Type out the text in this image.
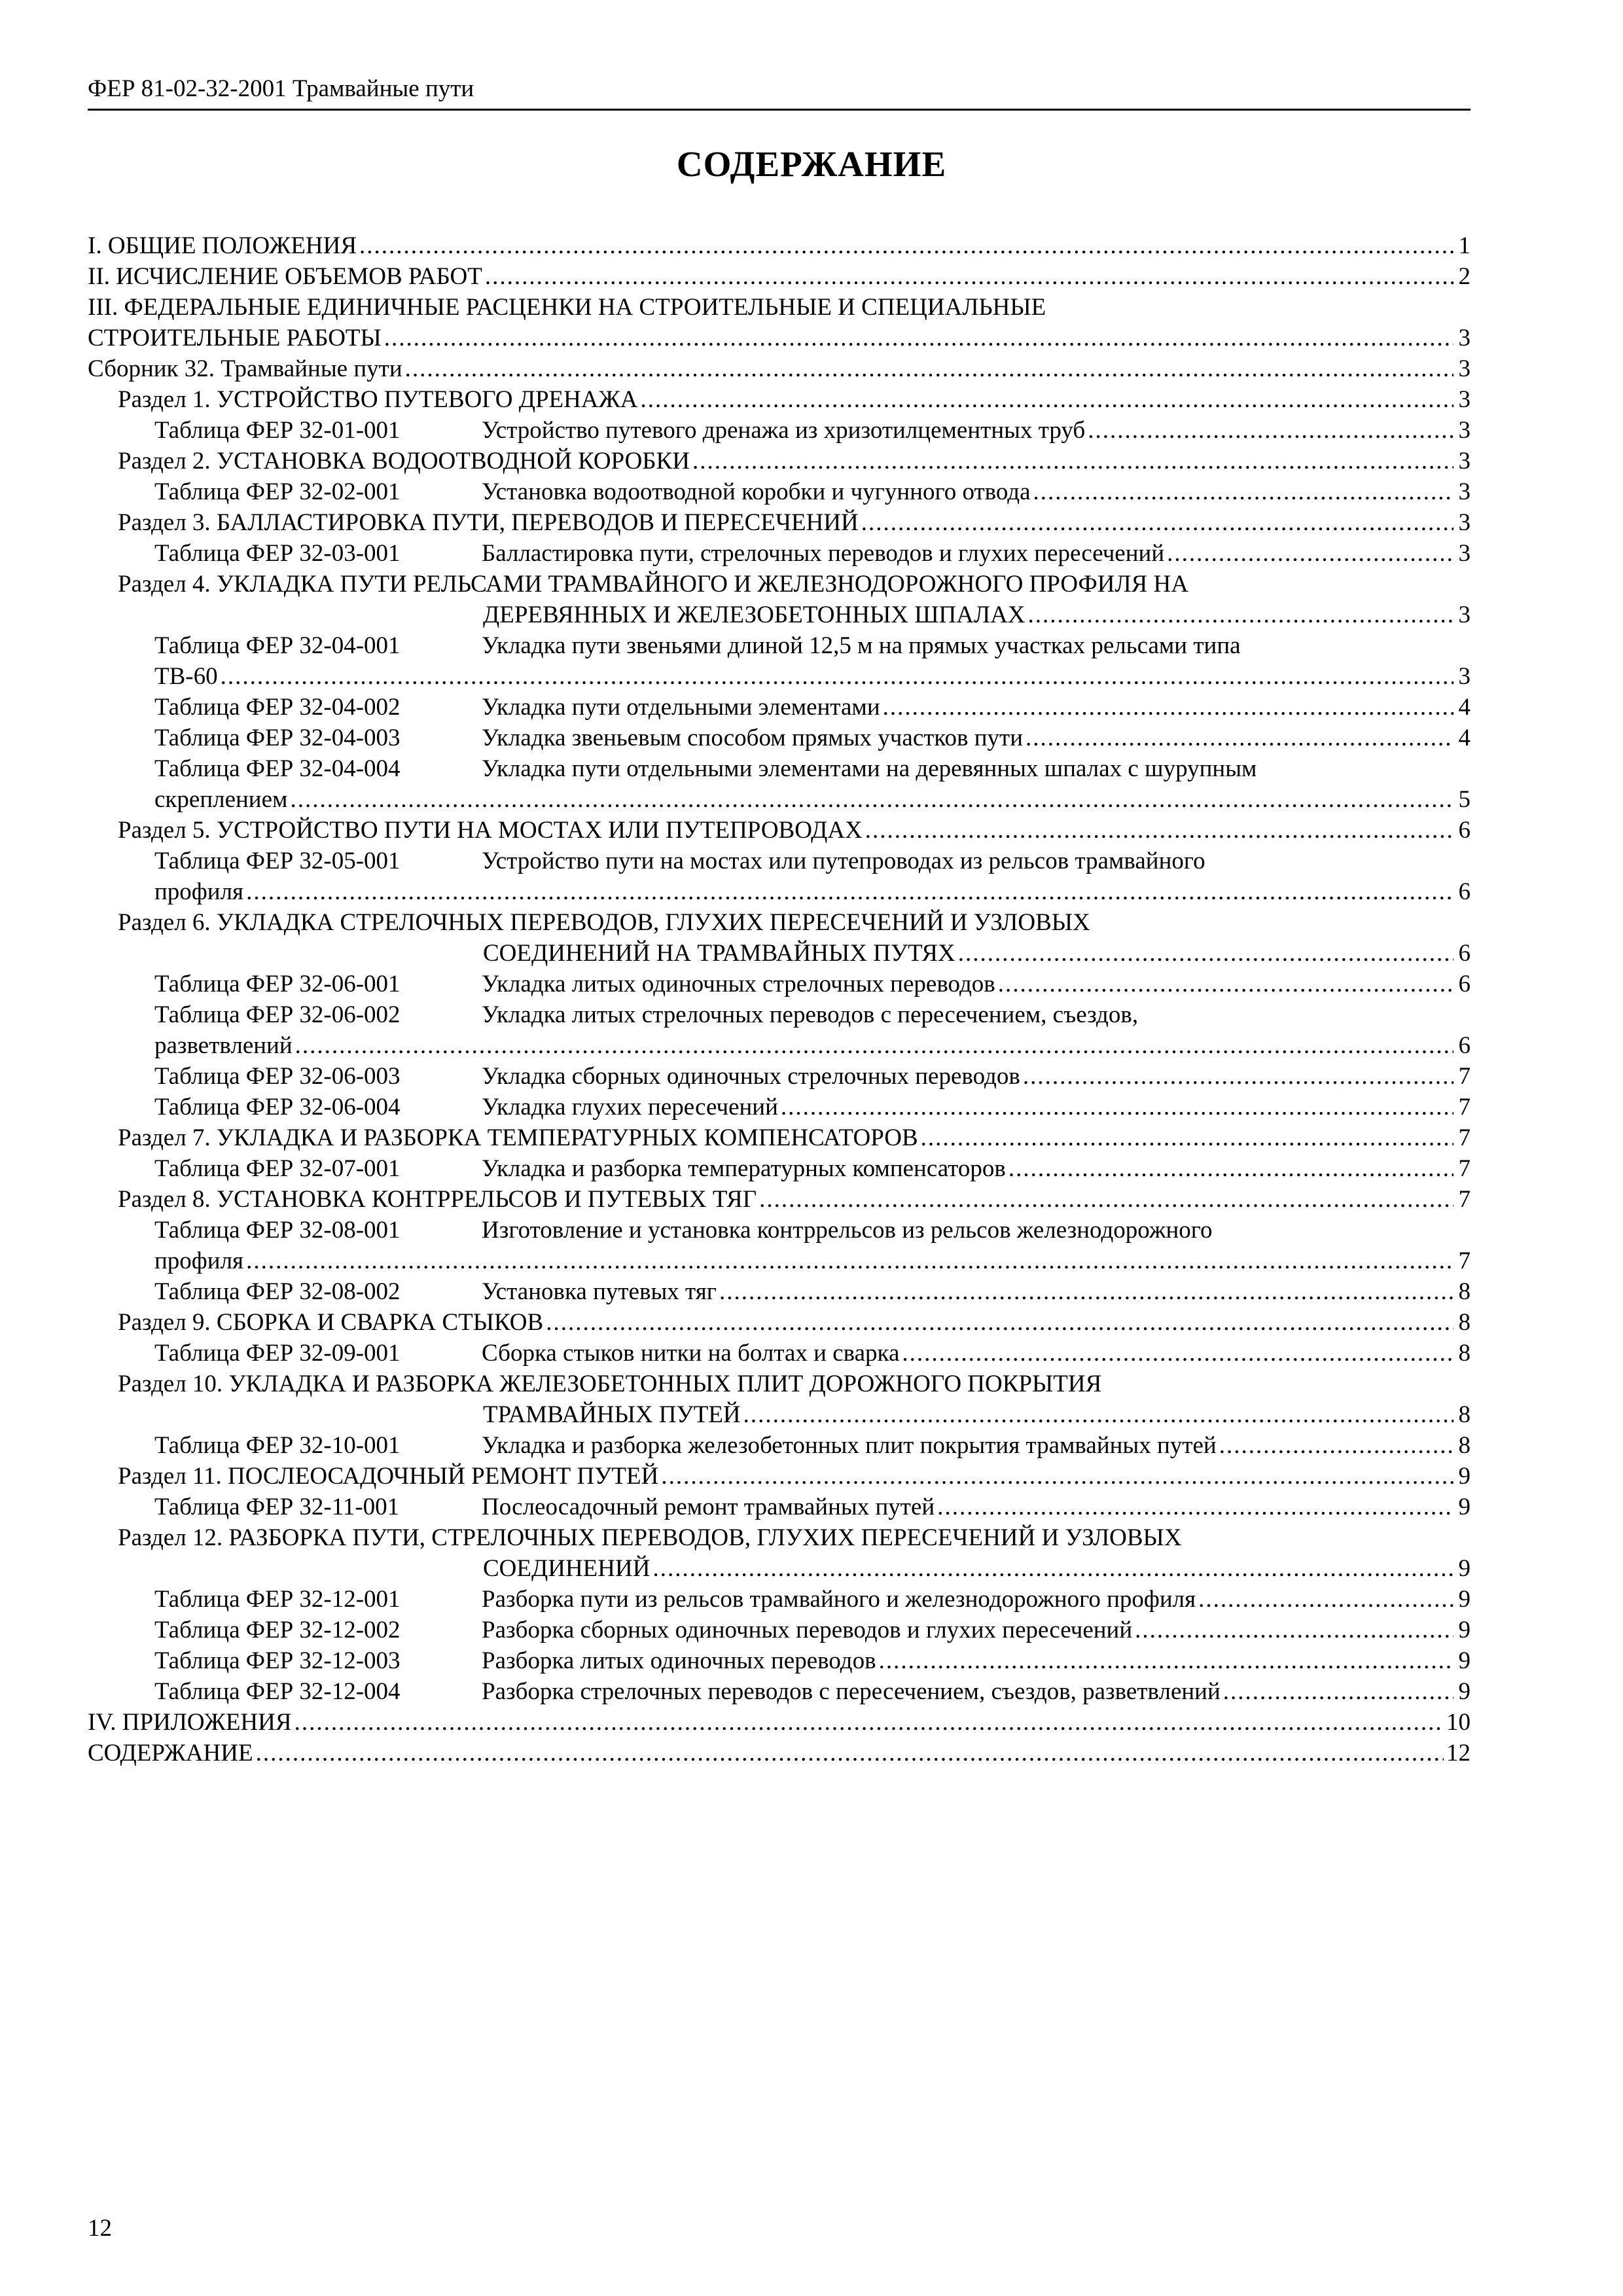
ФЕР 81-02-32-2001 Трамвайные пути
СОДЕРЖАНИЕ
I. ОБЩИЕ ПОЛОЖЕНИЯ .....	1
II. ИСЧИСЛЕНИЕ ОБЪЕМОВ РАБОТ .....	2
III. ФЕДЕРАЛЬНЫЕ ЕДИНИЧНЫЕ РАСЦЕНКИ НА СТРОИТЕЛЬНЫЕ И СПЕЦИАЛЬНЫЕ
СТРОИТЕЛЬНЫЕ РАБОТЫ .....	3
Сборник 32. Трамвайные пути .....	3
Раздел 1. УСТРОЙСТВО ПУТЕВОГО ДРЕНАЖА .....	3
Таблица ФЕР 32-01-001	Устройство путевого дренажа из хризотилцементных труб .....	3
Раздел 2. УСТАНОВКА ВОДООТВОДНОЙ КОРОБКИ .....	3
Таблица ФЕР 32-02-001	Установка водоотводной коробки и чугунного отвода .....	3
Раздел 3. БАЛЛАСТИРОВКА ПУТИ, ПЕРЕВОДОВ И ПЕРЕСЕЧЕНИЙ .....	3
Таблица ФЕР 32-03-001	Балластировка пути, стрелочных переводов и глухих пересечений .....	3
Раздел 4. УКЛАДКА ПУТИ РЕЛЬСАМИ ТРАМВАЙНОГО И ЖЕЛЕЗНОДОРОЖНОГО ПРОФИЛЯ НА
ДЕРЕВЯННЫХ И ЖЕЛЕЗОБЕТОННЫХ ШПАЛАХ .....	3
Таблица ФЕР 32-04-001	Укладка пути звеньями длиной 12,5 м на прямых участках рельсами типа
ТВ-60 .....	3
Таблица ФЕР 32-04-002	Укладка пути отдельными элементами .....	4
Таблица ФЕР 32-04-003	Укладка звеньевым способом прямых участков пути .....	4
Таблица ФЕР 32-04-004	Укладка пути отдельными элементами на деревянных шпалах с шурупным
скреплением .....	5
Раздел 5. УСТРОЙСТВО ПУТИ НА МОСТАХ ИЛИ ПУТЕПРОВОДАХ .....	6
Таблица ФЕР 32-05-001	Устройство пути на мостах или путепроводах из рельсов трамвайного
профиля .....	6
Раздел 6. УКЛАДКА СТРЕЛОЧНЫХ ПЕРЕВОДОВ, ГЛУХИХ ПЕРЕСЕЧЕНИЙ И УЗЛОВЫХ
СОЕДИНЕНИЙ НА ТРАМВАЙНЫХ ПУТЯХ .....	6
Таблица ФЕР 32-06-001	Укладка литых одиночных стрелочных переводов .....	6
Таблица ФЕР 32-06-002	Укладка литых стрелочных переводов с пересечением, съездов,
разветвлений .....	6
Таблица ФЕР 32-06-003	Укладка сборных одиночных стрелочных переводов .....	7
Таблица ФЕР 32-06-004	Укладка глухих пересечений .....	7
Раздел 7. УКЛАДКА И РАЗБОРКА ТЕМПЕРАТУРНЫХ КОМПЕНСАТОРОВ .....	7
Таблица ФЕР 32-07-001	Укладка и разборка температурных компенсаторов .....	7
Раздел 8. УСТАНОВКА КОНТРРЕЛЬСОВ И ПУТЕВЫХ ТЯГ .....	7
Таблица ФЕР 32-08-001	Изготовление и установка контррельсов из рельсов железнодорожного
профиля .....	7
Таблица ФЕР 32-08-002	Установка путевых тяг .....	8
Раздел 9. СБОРКА И СВАРКА СТЫКОВ .....	8
Таблица ФЕР 32-09-001	Сборка стыков нитки на болтах и сварка .....	8
Раздел 10. УКЛАДКА И РАЗБОРКА ЖЕЛЕЗОБЕТОННЫХ ПЛИТ ДОРОЖНОГО ПОКРЫТИЯ
ТРАМВАЙНЫХ ПУТЕЙ .....	8
Таблица ФЕР 32-10-001	Укладка и разборка железобетонных плит покрытия трамвайных путей .....	8
Раздел 11. ПОСЛЕОСАДОЧНЫЙ РЕМОНТ ПУТЕЙ .....	9
Таблица ФЕР 32-11-001	Послеосадочный ремонт трамвайных путей .....	9
Раздел 12. РАЗБОРКА ПУТИ, СТРЕЛОЧНЫХ ПЕРЕВОДОВ, ГЛУХИХ ПЕРЕСЕЧЕНИЙ И УЗЛОВЫХ
СОЕДИНЕНИЙ .....	9
Таблица ФЕР 32-12-001	Разборка пути из рельсов трамвайного и железнодорожного профиля .....	9
Таблица ФЕР 32-12-002	Разборка сборных одиночных переводов и глухих пересечений .....	9
Таблица ФЕР 32-12-003	Разборка литых одиночных переводов .....	9
Таблица ФЕР 32-12-004	Разборка стрелочных переводов с пересечением, съездов, разветвлений .....	9
IV. ПРИЛОЖЕНИЯ .....	10
СОДЕРЖАНИЕ .....	12
12
